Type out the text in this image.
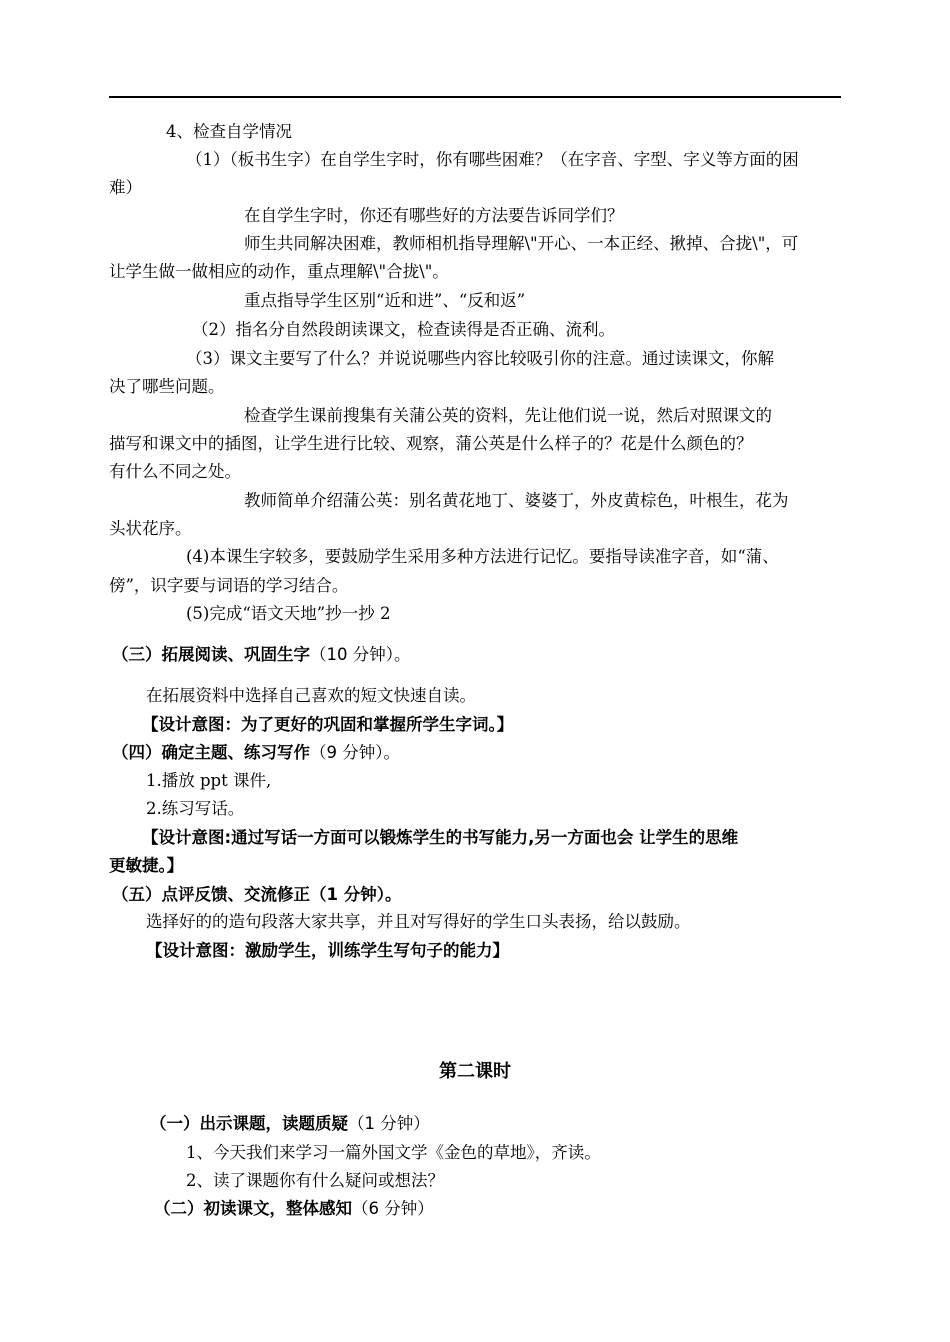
4、检查自学情况
（1）（板书生字）在自学生字时，你有哪些困难？（在字音、字型、字义等方面的困
难）
在自学生字时，你还有哪些好的方法要告诉同学们？
师生共同解决困难，教师相机指导理解\"开心、一本正经、揪掉、合拢\"，可
让学生做一做相应的动作，重点理解\"合拢\"。
重点指导学生区别“近和进”、“反和返”
（2）指名分自然段朗读课文，检查读得是否正确、流利。
（3）课文主要写了什么？并说说哪些内容比较吸引你的注意。通过读课文，你解
决了哪些问题。
检查学生课前搜集有关蒲公英的资料，先让他们说一说，然后对照课文的
描写和课文中的插图，让学生进行比较、观察，蒲公英是什么样子的？花是什么颜色的？
有什么不同之处。
教师简单介绍蒲公英：别名黄花地丁、婆婆丁，外皮黄棕色，叶根生，花为
头状花序。
(4)本课生字较多，要鼓励学生采用多种方法进行记忆。要指导读准字音，如“蒲、
傍”，识字要与词语的学习结合。
(5)完成“语文天地”抄一抄 2
（三）拓展阅读、巩固生字（10 分钟）。
在拓展资料中选择自己喜欢的短文快速自读。
【设计意图：为了更好的巩固和掌握所学生字词。】
（四）确定主题、练习写作（9 分钟）。
1.播放 ppt 课件,
2.练习写话。
【设计意图:通过写话一方面可以锻炼学生的书写能力,另一方面也会 让学生的思维
更敏捷。】
（五）点评反馈、交流修正（1 分钟）。
选择好的的造句段落大家共享，并且对写得好的学生口头表扬，给以鼓励。
【设计意图：激励学生，训练学生写句子的能力】
第二课时
（一）出示课题，读题质疑（1 分钟）
1、今天我们来学习一篇外国文学《金色的草地》，齐读。
2、读了课题你有什么疑问或想法？
（二）初读课文，整体感知（6 分钟）
